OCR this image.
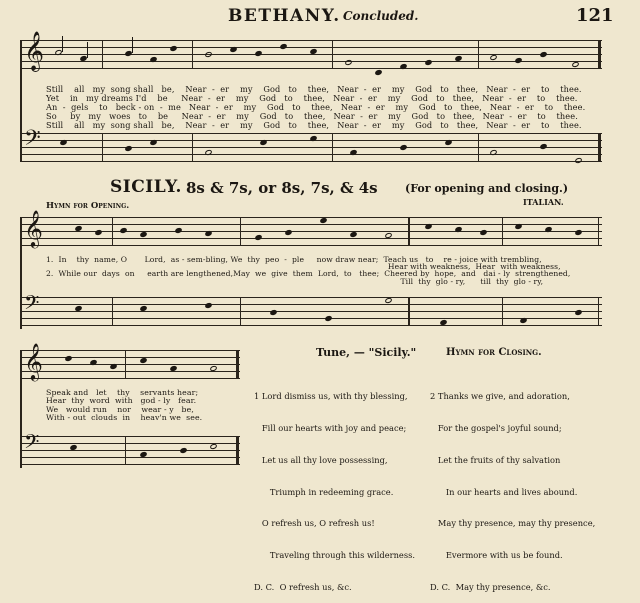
BETHANY. Concluded.	121
𝄞
𝄢
Still    all   my  song shall   be,    Near  -  er    my    God   to    thee,   Near  -  er    my    God   to   thee,   Near  -  er    to    thee.
Yet    in   my dreams I'd    be     Near  -  er    my    God   to    thee,   Near  -  er    my    God   to   thee,   Near  -  er    to    thee.
An  -  gels    to   beck - on  -  me   Near  -  er    my    God   to    thee,   Near  -  er    my    God   to   thee,   Near  -  er    to    thee.
So     by   my   woes   to    be     Near  -  er    my    God   to    thee,   Near  -  er    my    God   to   thee,   Near  -  er    to    thee.
Still    all   my  song shall   be,    Near  -  er    my    God   to    thee,   Near  -  er    my    God   to   thee,   Near  -  er    to    thee.
SICILY. 8s & 7s, or 8s, 7s, & 4s (For opening and closing.)
Hymn for Opening.	ITALIAN.
𝄞
𝄢
1.  In    thy  name, O       Lord,  as - sem-bling, We  thy  peo  -  ple     now draw near;  Teach us   to    re - joice with trembling,
Hear with weakness,  Hear  with weakness,
2.  While our  days  on     earth are lengthened,May  we  give  them  Lord,  to   thee;  Cheered by  hope,  and   dai - ly  strengthened,
Till  thy  glo - ry,      till  thy  glo - ry,
𝄞
𝄢
Speak and   let    thy    servants hear;
Hear  thy  word  with   god - ly   fear.
We   would run    nor    wear - y   be,
With - out  clouds  in    heav'n we  see.
Tune, — "Sicily."	Hymn for Closing.

1 Lord dismiss us, with thy blessing,

Fill our hearts with joy and peace;

Let us all thy love possessing,

Triumph in redeeming grace.

O refresh us, O refresh us!

Traveling through this wilderness.

D. C.  O refresh us, &c.

2 Thanks we give, and adoration,

For the gospel's joyful sound;

Let the fruits of thy salvation

In our hearts and lives abound.

May thy presence, may thy presence,

Evermore with us be found.

D. C.  May thy presence, &c.
